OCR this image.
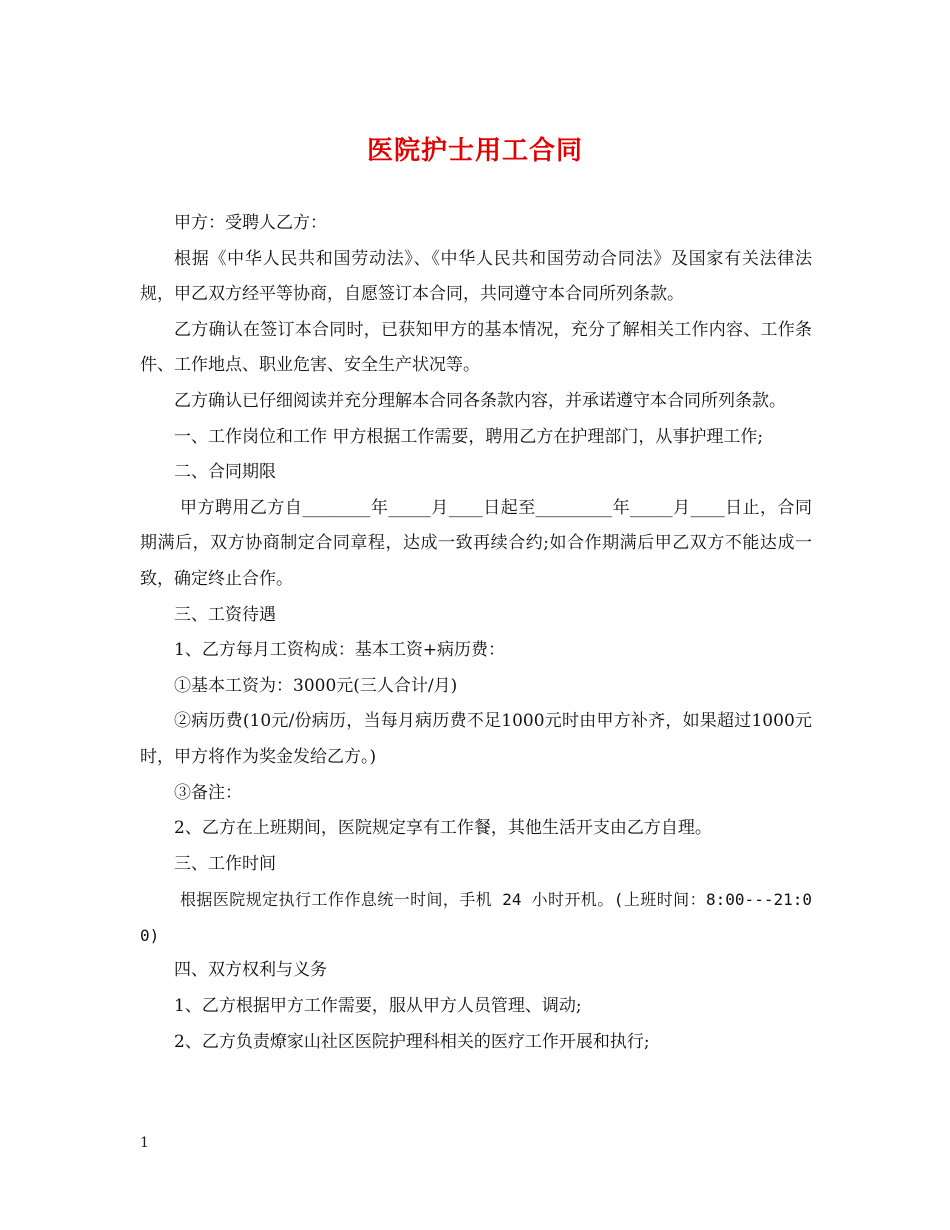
医院护士用工合同

甲方：受聘人乙方：

根据《中华人民共和国劳动法》、《中华人民共和国劳动合同法》及国家有关法律法规，甲乙双方经平等协商，自愿签订本合同，共同遵守本合同所列条款。

乙方确认在签订本合同时，已获知甲方的基本情况，充分了解相关工作内容、工作条件、工作地点、职业危害、安全生产状况等。

乙方确认已仔细阅读并充分理解本合同各条款内容，并承诺遵守本合同所列条款。

一、工作岗位和工作 甲方根据工作需要，聘用乙方在护理部门，从事护理工作;

二、合同期限

甲方聘用乙方自________年_____月____日起至_________年_____月____日止，合同期满后，双方协商制定合同章程，达成一致再续合约;如合作期满后甲乙双方不能达成一致，确定终止合作。

三、工资待遇

1、乙方每月工资构成：基本工资+病历费：

①基本工资为：3000元(三人合计/月)

②病历费(10元/份病历，当每月病历费不足1000元时由甲方补齐，如果超过1000元时，甲方将作为奖金发给乙方。)

③备注：

2、乙方在上班期间，医院规定享有工作餐，其他生活开支由乙方自理。

三、工作时间

根据医院规定执行工作作息统一时间，手机 24 小时开机。(上班时间：8:00---21:00)

四、双方权利与义务

1、乙方根据甲方工作需要，服从甲方人员管理、调动;

2、乙方负责燎家山社区医院护理科相关的医疗工作开展和执行;

1
